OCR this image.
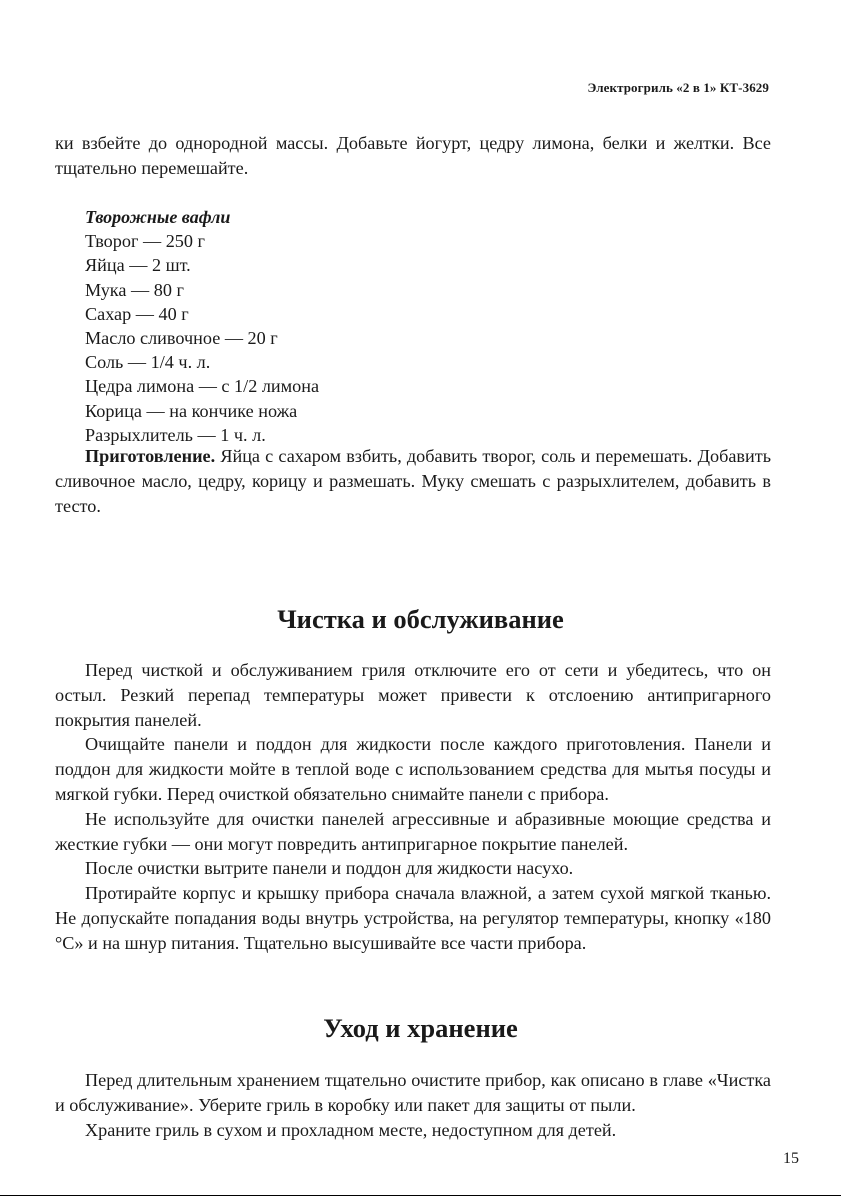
Электрогриль «2 в 1» КТ-3629

ки взбейте до однородной массы. Добавьте йогурт, цедру лимона, белки и желтки. Все тщательно перемешайте.

Творожные вафли

Творог — 250 г

Яйца — 2 шт.

Мука — 80 г

Сахар — 40 г

Масло сливочное — 20 г

Соль — 1/4 ч. л.

Цедра лимона — с 1/2 лимона

Корица — на кончике ножа

Разрыхлитель — 1 ч. л.

Приготовление. Яйца с сахаром взбить, добавить творог, соль и перемешать. Добавить сливочное масло, цедру, корицу и размешать. Муку смешать с разрыхлителем, добавить в тесто.

Чистка и обслуживание

Перед чисткой и обслуживанием гриля отключите его от сети и убедитесь, что он остыл. Резкий перепад температуры может привести к отслоению антипригарного покрытия панелей.

Очищайте панели и поддон для жидкости после каждого приготовления. Панели и поддон для жидкости мойте в теплой воде с использованием средства для мытья посуды и мягкой губки. Перед очисткой обязательно снимайте панели с прибора.

Не используйте для очистки панелей агрессивные и абразивные моющие средства и жесткие губки — они могут повредить антипригарное покрытие панелей.

После очистки вытрите панели и поддон для жидкости насухо.

Протирайте корпус и крышку прибора сначала влажной, а затем сухой мягкой тканью. Не допускайте попадания воды внутрь устройства, на регулятор температуры, кнопку «180 °С» и на шнур питания. Тщательно высушивайте все части прибора.

Уход и хранение

Перед длительным хранением тщательно очистите прибор, как описано в главе «Чистка и обслуживание». Уберите гриль в коробку или пакет для защиты от пыли.

Храните гриль в сухом и прохладном месте, недоступном для детей.

15
